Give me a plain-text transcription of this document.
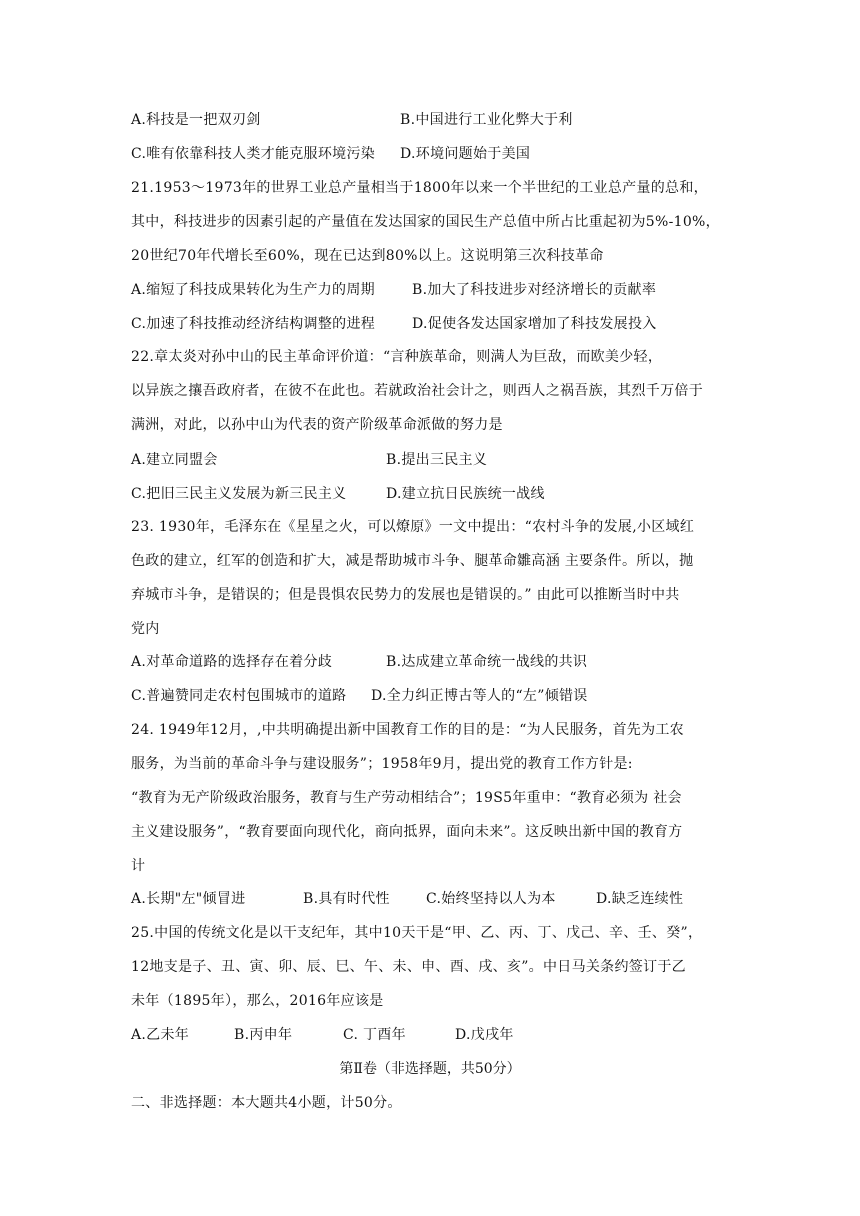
A.科技是一把双刃剑	B.中国进行工业化弊大于利
C.唯有依靠科技人类才能克服环境污染 D.环境问题始于美国
21.1953～1973年的世界工业总产量相当于1800年以来一个半世纪的工业总产量的总和，
其中，科技进步的因素引起的产量值在发达国家的国民生产总值中所占比重起初为5%-10%，
20世纪70年代增长至60%，现在已达到80%以上。这说明第三次科技革命
A.缩短了科技成果转化为生产力的周期	B.加大了科技进步对经济增长的贡献率
C.加速了科技推动经济结构调整的进程	D.促使各发达国家增加了科技发展投入
22.章太炎对孙中山的民主革命评价道：“言种族革命，则满人为巨敌，而欧美少轻，
以异族之攘吾政府者，在彼不在此也。若就政治社会计之，则西人之祸吾族，其烈千万倍于
满洲，对此，以孙中山为代表的资产阶级革命派做的努力是
A.建立同盟会	B.提出三民主义
C.把旧三民主义发展为新三民主义	D.建立抗日民族统一战线
23. 1930年，毛泽东在《星星之火，可以燎原》一文中提出：“农村斗争的发展,小区域红
色政的建立，红军的创造和扩大，减是帮助城市斗争、腿革命雛高涵 主要条件。所以，抛
弃城市斗争，是错误的；但是畏惧农民势力的发展也是错误的。” 由此可以推断当时中共
党内
A.对革命道路的选择存在着分歧	B.达成建立革命统一战线的共识
C.普遍赞同走农村包围城市的道路 D.全力纠正博古等人的“左”倾错误
24. 1949年12月，,中共明确提出新中国教育工作的目的是：“为人民服务，首先为工农
服务，为当前的革命斗争与建设服务”；1958年9月，提出党的教育工作方针是:
“教育为无产阶级政治服务，教育与生产劳动相结合”；19S5年重申：“教育必须为 社会
主义建设服务”，“教育要面向现代化，商向抵界，面向未来”。这反映出新中国的教育方
计
A.长期"左"倾冒进	B.具有时代性	C.始终坚持以人为本	D.缺乏连续性
25.中国的传统文化是以干支纪年，其中10天干是“甲、乙、丙、丁、戊己、辛、壬、癸”，
12地支是子、丑、寅、卯、辰、巳、午、未、申、酉、戌、亥”。中日马关条约签订于乙
未年（1895年），那么，2016年应该是
A.乙未年	B.丙申年	C. 丁酉年	D.戊戌年
第Ⅱ卷（非选择题，共50分）
二、非选择题：本大题共4小题，计50分。
